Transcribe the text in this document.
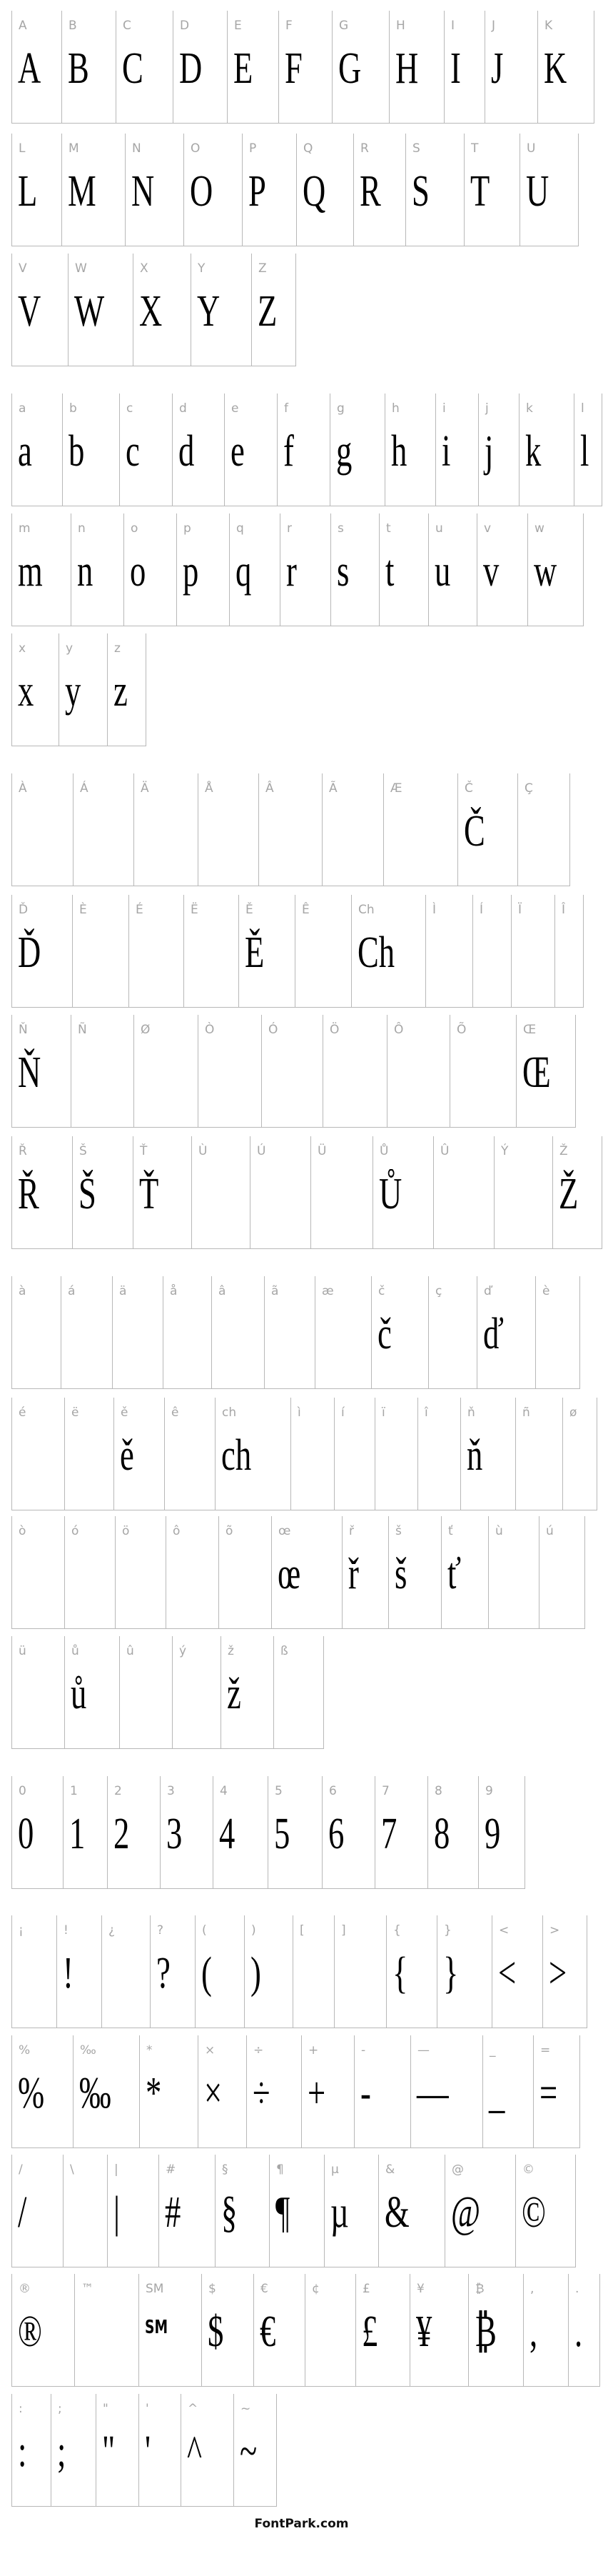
A
A
B
B
C
C
D
D
E
E
F
F
G
G
H
H
I
I
J
J
K
K
L
L
M
M
N
N
O
O
P
P
Q
Q
R
R
S
S
T
T
U
U
V
V
W
W
X
X
Y
Y
Z
Z
a
a
b
b
c
c
d
d
e
e
f
f
g
g
h
h
i
i
j
j
k
k
l
l
m
m
n
n
o
o
p
p
q
q
r
r
s
s
t
t
u
u
v
v
w
w
x
x
y
y
z
z
À	Á	Ä	Å	Â	Ã	Æ	Č
Č
Ç
Ď
Ď
È	É	Ë	Ě
Ě
Ê	Ch
Ch
Ì	Í	Ï	Î
Ň
Ň
Ñ	Ø	Ò	Ó	Ö	Ô	Õ	Œ
Œ
Ř
Ř
Š
Š
Ť
Ť
Ù	Ú	Ü	Ů
Ů
Û	Ý	Ž
Ž
à	á	ä	å	â	ã	æ	č
č
ç	ď
ď
è
é	ë	ě
ě
ê	ch
ch
ì	í	ï	î	ň
ň
ñ	ø
ò	ó	ö	ô	õ	œ
œ
ř
ř
š
š
ť
ť
ù	ú
ü	ů
ů
û	ý	ž
ž
ß
0
0
1
1
2
2
3
3
4
4
5
5
6
6
7
7
8
8
9
9
¡	!
!
¿	?
?
(
(
)
)
[	]	{
{
}
}
<
<
>
>
%
%
‰
‰
*
*
×
×
÷
÷
+
+
-
-
—
—
_
_
=
=
/
/
\	|
|
#
#
§
§
¶
¶
µ
µ
&
&
@
@
©
©
®
®
™	SM
SM
$
$
€
€
¢	£
£
¥
¥
₿
₿
,
,
.
.
:
:
;
;
"
"
'
'
^
^
~
~
FontPark.com
